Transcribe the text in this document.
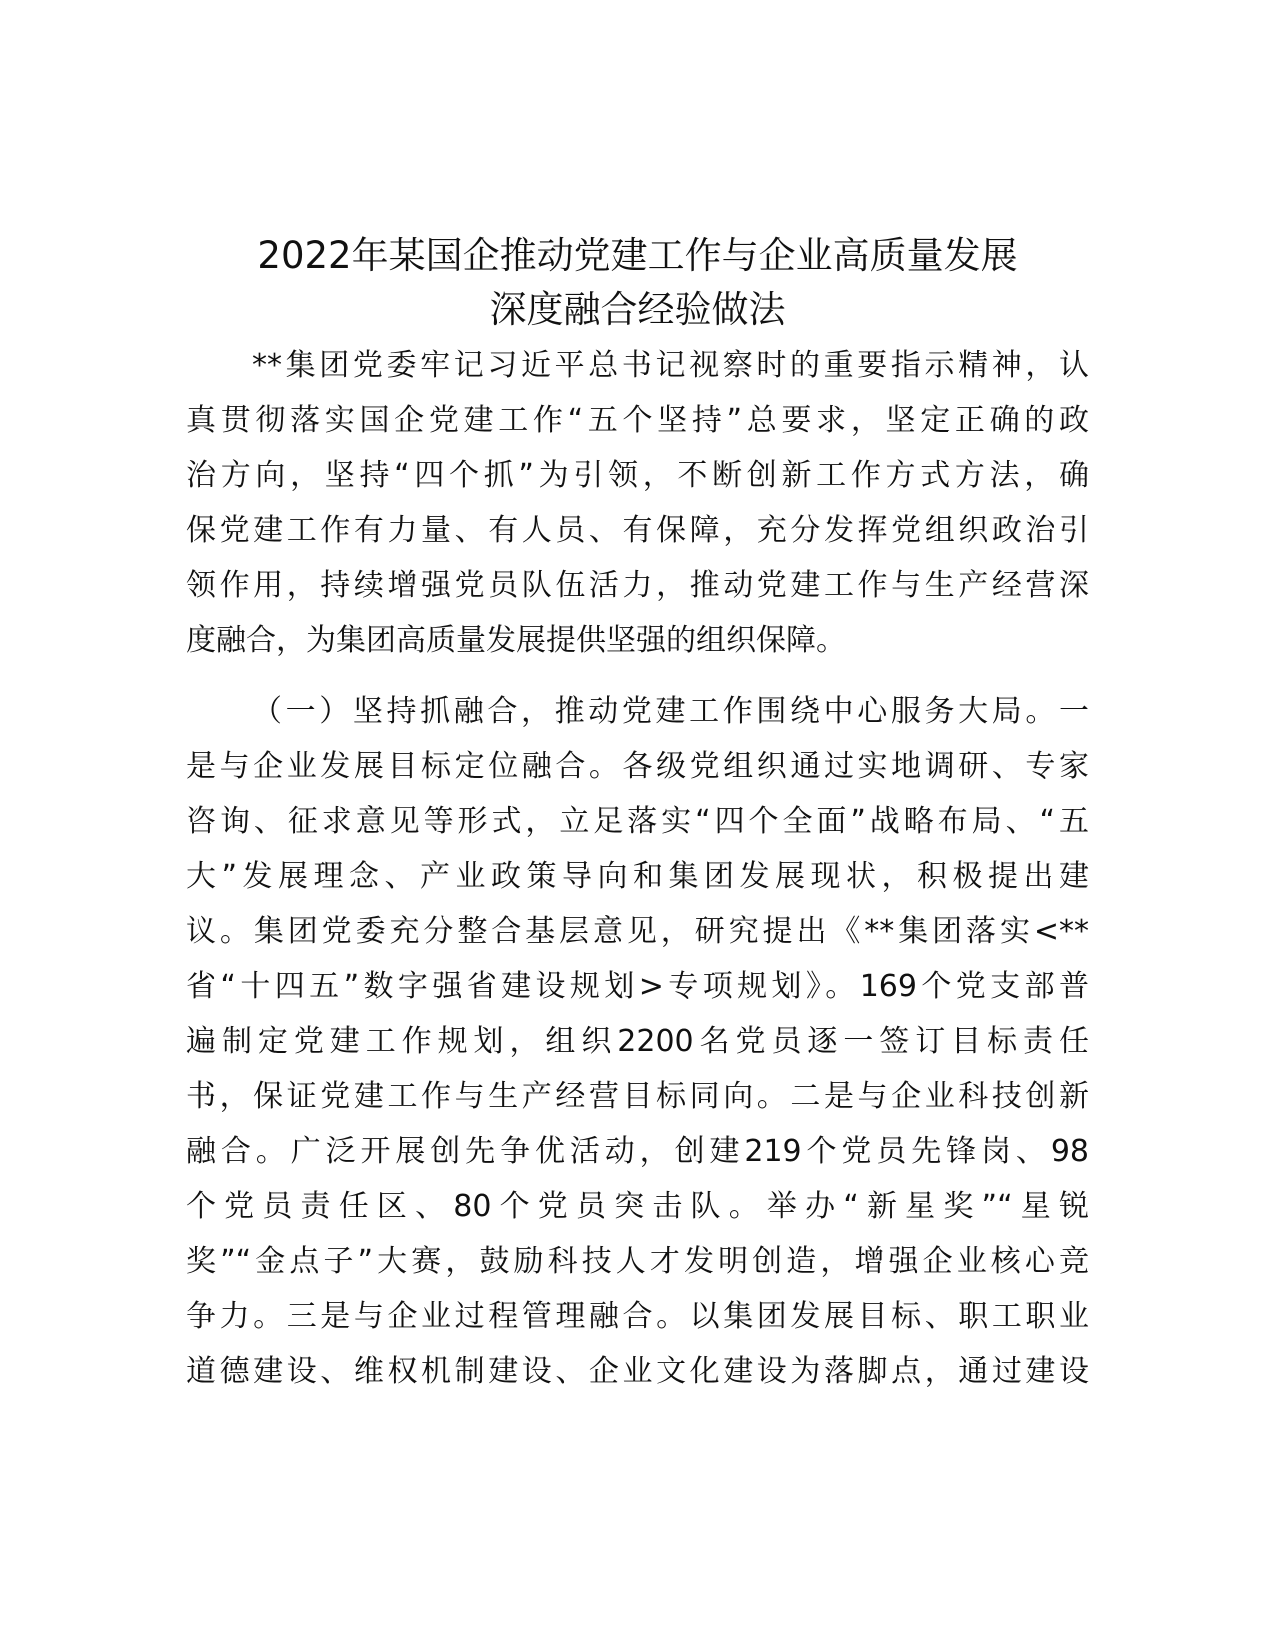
2022年某国企推动党建工作与企业高质量发展
深度融合经验做法
**集团党委牢记习近平总书记视察时的重要指示精神，认
真贯彻落实国企党建工作“五个坚持”总要求，坚定正确的政
治方向，坚持“四个抓”为引领，不断创新工作方式方法，确
保党建工作有力量、有人员、有保障，充分发挥党组织政治引
领作用，持续增强党员队伍活力，推动党建工作与生产经营深
度融合，为集团高质量发展提供坚强的组织保障。
（一）坚持抓融合，推动党建工作围绕中心服务大局。一
是与企业发展目标定位融合。各级党组织通过实地调研、专家
咨询、征求意见等形式，立足落实“四个全面”战略布局、“五
大”发展理念、产业政策导向和集团发展现状，积极提出建
议。集团党委充分整合基层意见，研究提出《**集团落实<**
省“十四五”数字强省建设规划>专项规划》。169个党支部普
遍制定党建工作规划，组织2200名党员逐一签订目标责任
书，保证党建工作与生产经营目标同向。二是与企业科技创新
融合。广泛开展创先争优活动，创建219个党员先锋岗、98
个党员责任区、80个党员突击队。举办“新星奖”“星锐
奖”“金点子”大赛，鼓励科技人才发明创造，增强企业核心竞
争力。三是与企业过程管理融合。以集团发展目标、职工职业
道德建设、维权机制建设、企业文化建设为落脚点，通过建设
